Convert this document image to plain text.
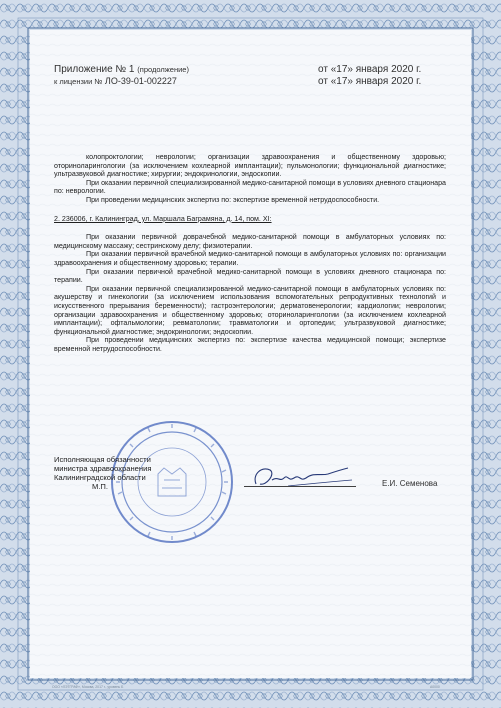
Приложение № 1 (продолжение)
к лицензии № ЛО-39-01-002227
от «17» января 2020 г.
от «17» января 2020 г.

колопроктологии; неврологии; организации здравоохранения и общественному здоровью; оториноларингологии (за исключением кохлеарной имплантации); пульмонологии; функциональной диагностике; ультразвуковой диагностике; хирургии; эндокринологии, эндоскопии.

При оказании первичной специализированной медико-санитарной помощи в условиях дневного стационара по: неврологии.

При проведении медицинских экспертиз по: экспертизе временной нетрудоспособности.

2. 236006, г. Калининград, ул. Маршала Баграмяна, д. 14, пом. XI:

При оказании первичной доврачебной медико-санитарной помощи в амбулаторных условиях по: медицинскому массажу; сестринскому делу; физиотерапии.

При оказании первичной врачебной медико-санитарной помощи в амбулаторных условиях по: организации здравоохранения и общественному здоровью; терапии.

При оказании первичной врачебной медико-санитарной помощи в условиях дневного стационара по: терапии.

При оказании первичной специализированной медико-санитарной помощи в амбулаторных условиях по: акушерству и гинекологии (за исключением использования вспомогательных репродуктивных технологий и искусственного прерывания беременности); гастроэнтерологии; дерматовенерологии; кардиологии; неврологии; организации здравоохранения и общественному здоровью; оториноларингологии (за исключением кохлеарной имплантации); офтальмологии; ревматологии; травматологии и ортопедии; ультразвуковой диагностике; функциональной диагностике; эндокринологии; эндоскопии.

При проведении медицинских экспертиз по: экспертизе качества медицинской помощи; экспертизе временной нетрудоспособности.

Исполняющая обязанности
министра здравоохранения
Калининградской области
М.П.	Е.И. Семенова
ООО «ЛЭТГРАФ», Москва, 2017 г., уровень Б	A0000
